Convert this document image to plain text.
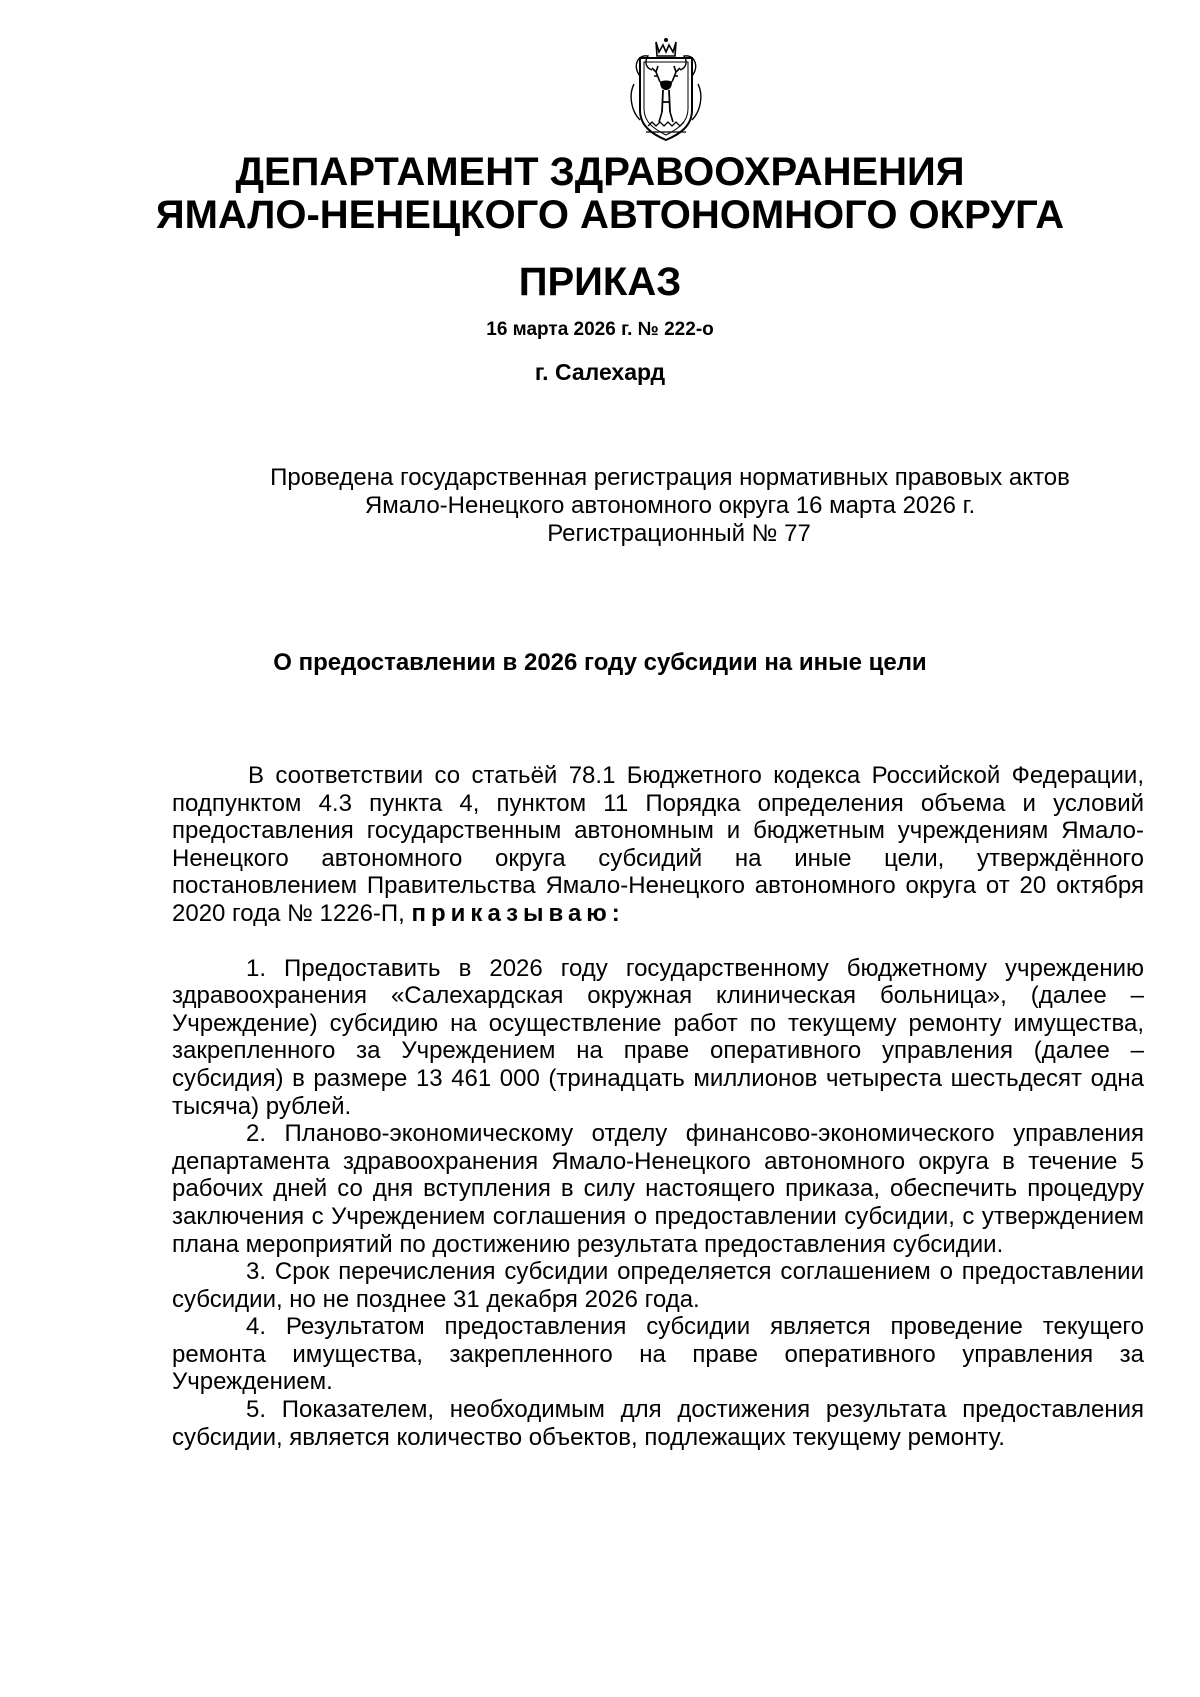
ДЕПАРТАМЕНТ ЗДРАВООХРАНЕНИЯ
ЯМАЛО-НЕНЕЦКОГО АВТОНОМНОГО ОКРУГА
ПРИКАЗ
16 марта 2026 г. № 222-о
г. Салехард
Проведена государственная регистрация нормативных правовых актов
Ямало-Ненецкого автономного округа 16 марта 2026 г.
Регистрационный № 77
О предоставлении в 2026 году субсидии на иные цели

В соответствии со статьёй 78.1 Бюджетного кодекса Российской Федерации, подпунктом 4.3 пункта 4, пунктом 11 Порядка определения объема и условий предоставления государственным автономным и бюджетным учреждениям Ямало-Ненецкого автономного округа субсидий на иные цели, утверждённого постановлением Правительства Ямало-Ненецкого автономного округа от 20 октября 2020 года № 1226-П, приказываю:

1. Предоставить в 2026 году государственному бюджетному учреждению здравоохранения «Салехардская окружная клиническая больница», (далее – Учреждение) субсидию на осуществление работ по текущему ремонту имущества, закрепленного за Учреждением на праве оперативного управления (далее – субсидия) в размере 13 461 000 (тринадцать миллионов четыреста шестьдесят одна тысяча) рублей.

2. Планово-экономическому отделу финансово-экономического управления департамента здравоохранения Ямало-Ненецкого автономного округа в течение 5 рабочих дней со дня вступления в силу настоящего приказа, обеспечить процедуру заключения с Учреждением соглашения о предоставлении субсидии, с утверждением плана мероприятий по достижению результата предоставления субсидии.

3. Срок перечисления субсидии определяется соглашением о предоставлении субсидии, но не позднее 31 декабря 2026 года.

4. Результатом предоставления субсидии является проведение текущего ремонта имущества, закрепленного на праве оперативного управления за Учреждением.

5. Показателем, необходимым для достижения результата предоставления субсидии, является количество объектов, подлежащих текущему ремонту.
